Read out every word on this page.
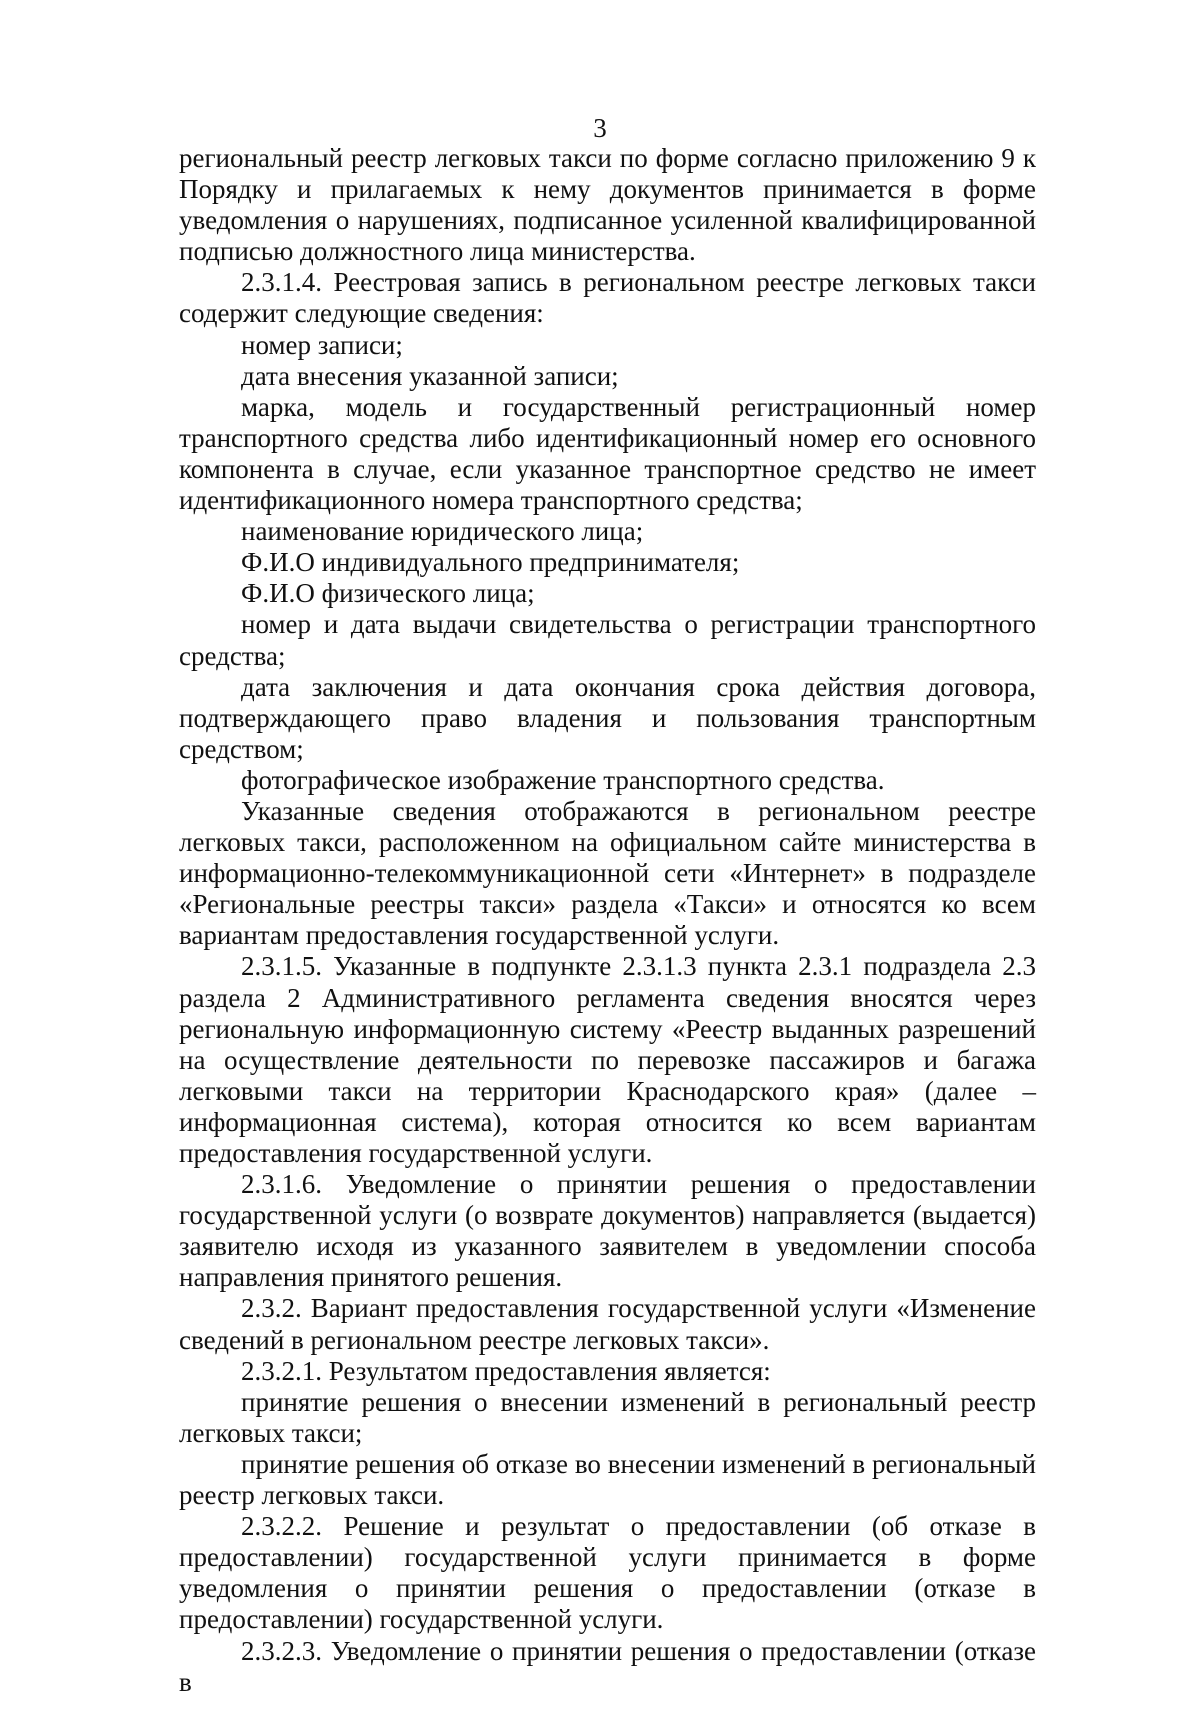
3

региональный реестр легковых такси по форме согласно приложению 9 к Порядку и прилагаемых к нему документов принимается в форме уведомления о нарушениях, подписанное усиленной квалифицированной подписью должностного лица министерства.

2.3.1.4. Реестровая запись в региональном реестре легковых такси содержит следующие сведения:

номер записи;

дата внесения указанной записи;

марка, модель и государственный регистрационный номер транспортного средства либо идентификационный номер его основного компонента в случае, если указанное транспортное средство не имеет идентификационного номера транспортного средства;

наименование юридического лица;

Ф.И.О индивидуального предпринимателя;

Ф.И.О физического лица;

номер и дата выдачи свидетельства о регистрации транспортного средства;

дата заключения и дата окончания срока действия договора, подтверждающего право владения и пользования транспортным средством;

фотографическое изображение транспортного средства.

Указанные сведения отображаются в региональном реестре легковых такси, расположенном на официальном сайте министерства в информационно-телекоммуникационной сети «Интернет» в подразделе «Региональные реестры такси» раздела «Такси» и относятся ко всем вариантам предоставления государственной услуги.

2.3.1.5. Указанные в подпункте 2.3.1.3 пункта 2.3.1 подраздела 2.3 раздела 2 Административного регламента сведения вносятся через региональную информационную систему «Реестр выданных разрешений на осуществление деятельности по перевозке пассажиров и багажа легковыми такси на территории Краснодарского края» (далее – информационная система), которая относится ко всем вариантам предоставления государственной услуги.

2.3.1.6. Уведомление о принятии решения о предоставлении государственной услуги (о возврате документов) направляется (выдается) заявителю исходя из указанного заявителем в уведомлении способа направления принятого решения.

2.3.2. Вариант предоставления государственной услуги «Изменение сведений в региональном реестре легковых такси».

2.3.2.1. Результатом предоставления является:

принятие решения о внесении изменений в региональный реестр легковых такси;

принятие решения об отказе во внесении изменений в региональный реестр легковых такси.

2.3.2.2. Решение и результат о предоставлении (об отказе в предоставлении) государственной услуги принимается в форме уведомления о принятии решения о предоставлении (отказе в предоставлении) государственной услуги.

2.3.2.3. Уведомление о принятии решения о предоставлении (отказе в
